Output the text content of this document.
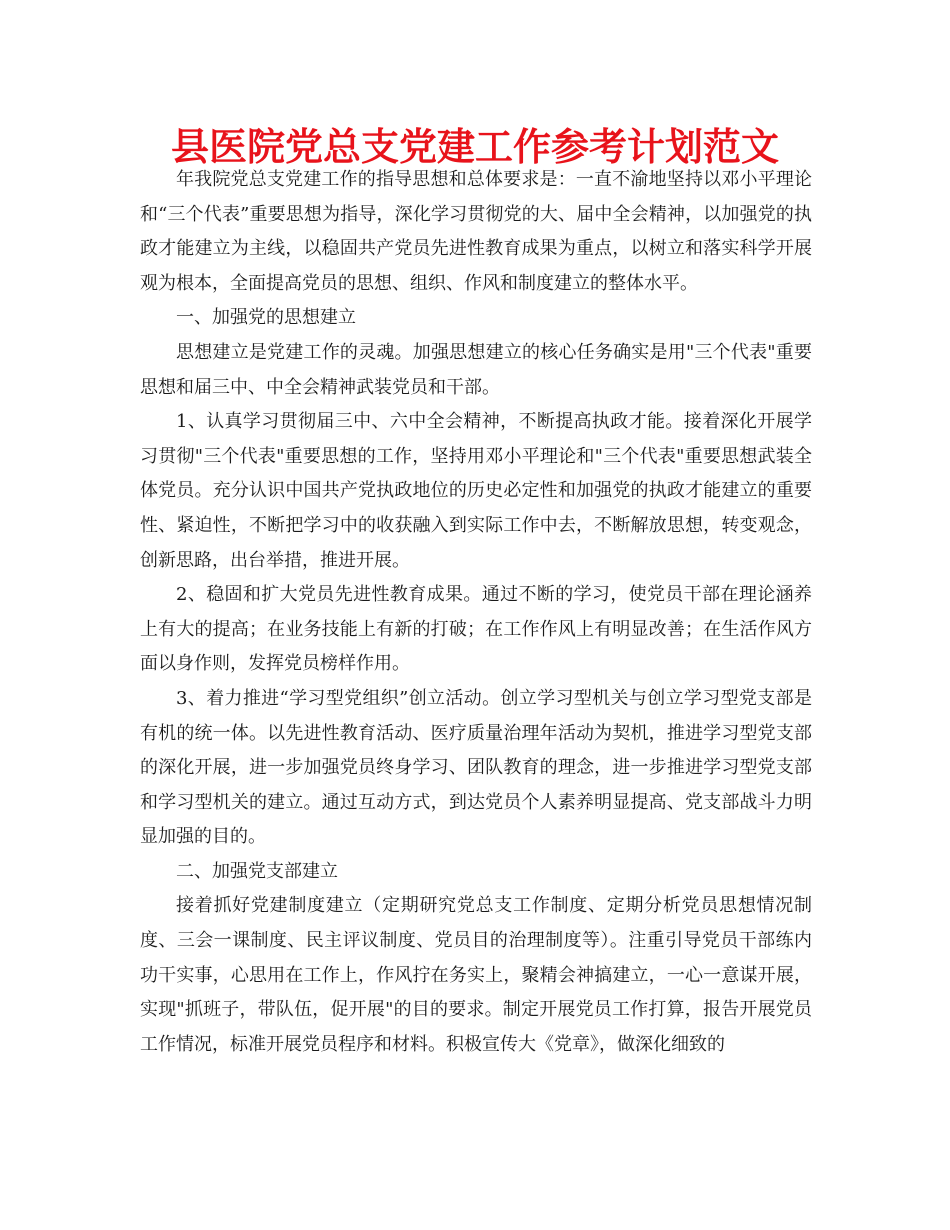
县医院党总支党建工作参考计划范文

年我院党总支党建工作的指导思想和总体要求是：一直不渝地坚持以邓小平理论和“三个代表”重要思想为指导，深化学习贯彻党的大、届中全会精神，以加强党的执政才能建立为主线，以稳固共产党员先进性教育成果为重点，以树立和落实科学开展观为根本，全面提高党员的思想、组织、作风和制度建立的整体水平。

一、加强党的思想建立

思想建立是党建工作的灵魂。加强思想建立的核心任务确实是用"三个代表"重要思想和届三中、中全会精神武装党员和干部。

1、认真学习贯彻届三中、六中全会精神，不断提高执政才能。接着深化开展学习贯彻"三个代表"重要思想的工作，坚持用邓小平理论和"三个代表"重要思想武装全体党员。充分认识中国共产党执政地位的历史必定性和加强党的执政才能建立的重要性、紧迫性，不断把学习中的收获融入到实际工作中去，不断解放思想，转变观念，创新思路，出台举措，推进开展。

2、稳固和扩大党员先进性教育成果。通过不断的学习，使党员干部在理论涵养上有大的提高；在业务技能上有新的打破；在工作作风上有明显改善；在生活作风方面以身作则，发挥党员榜样作用。

3、着力推进“学习型党组织”创立活动。创立学习型机关与创立学习型党支部是有机的统一体。以先进性教育活动、医疗质量治理年活动为契机，推进学习型党支部的深化开展，进一步加强党员终身学习、团队教育的理念，进一步推进学习型党支部和学习型机关的建立。通过互动方式，到达党员个人素养明显提高、党支部战斗力明显加强的目的。

二、加强党支部建立

接着抓好党建制度建立（定期研究党总支工作制度、定期分析党员思想情况制度、三会一课制度、民主评议制度、党员目的治理制度等）。注重引导党员干部练内功干实事，心思用在工作上，作风拧在务实上，聚精会神搞建立，一心一意谋开展，实现"抓班子，带队伍，促开展"的目的要求。制定开展党员工作打算，报告开展党员工作情况，标准开展党员程序和材料。积极宣传大《党章》，做深化细致的
